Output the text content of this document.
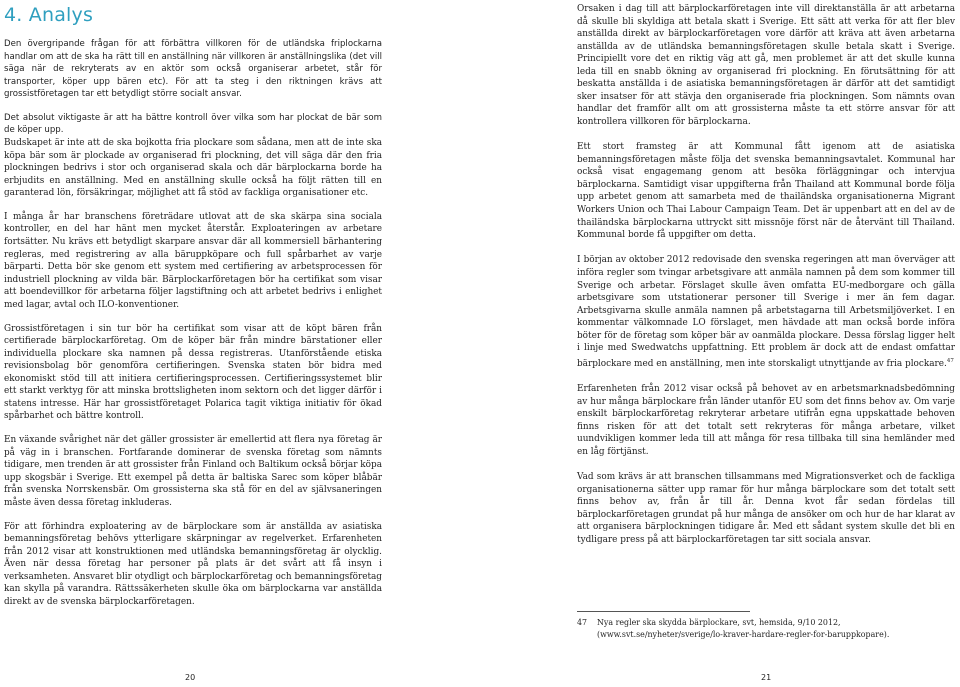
4. Analys

Den övergripande frågan för att förbättra villkoren för de utländska friplockarna handlar om att de ska ha rätt till en anställning när villkoren är anställningslika (det vill säga när de rekryterats av en aktör som också organiserar arbetet, står för transporter, köper upp bären etc). För att ta steg i den riktningen krävs att grossistföretagen tar ett betydligt större socialt ansvar.

Det absolut viktigaste är att ha bättre kontroll över vilka som har plockat de bär som de köper upp.

Budskapet är inte att de ska bojkotta fria plockare som sådana, men att de inte ska köpa bär som är plockade av organiserad fri plockning, det vill säga där den fria plockningen bedrivs i stor och organiserad skala och där bärplockarna borde ha erbjudits en anställning. Med en anställning skulle också ha följt rätten till en garanterad lön, försäkringar, möjlighet att få stöd av fackliga organisationer etc.

I många år har branschens företrädare utlovat att de ska skärpa sina sociala kontroller, en del har hänt men mycket återstår. Exploateringen av arbetare fortsätter. Nu krävs ett betydligt skarpare ansvar där all kommersiell bärhantering regleras, med registrering av alla bäruppköpare och full spårbarhet av varje bärparti. Detta bör ske genom ett system med certifiering av arbetsprocessen för industriell plockning av vilda bär. Bärplockarföretagen bör ha certifikat som visar att boendevillkor för arbetarna följer lagstiftning och att arbetet bedrivs i enlighet med lagar, avtal och ILO-konventioner.

Grossistföretagen i sin tur bör ha certifikat som visar att de köpt bären från certifierade bärplockarföretag. Om de köper bär från mindre bärstationer eller individuella plockare ska namnen på dessa registreras. Utanförstående etiska revisionsbolag bör genomföra certifieringen. Svenska staten bör bidra med ekonomiskt stöd till att initiera certifieringsprocessen. Certifieringssystemet blir ett starkt verktyg för att minska brottsligheten inom sektorn och det ligger därför i statens intresse. Här har grossistföretaget Polarica tagit viktiga initiativ för ökad spårbarhet och bättre kontroll.

En växande svårighet när det gäller grossister är emellertid att flera nya företag är på väg in i branschen. Fortfarande dominerar de svenska företag som nämnts tidigare, men trenden är att grossister från Finland och Baltikum också börjar köpa upp skogsbär i Sverige. Ett exempel på detta är baltiska Sarec som köper blåbär från svenska Norrskensbär. Om grossisterna ska stå för en del av självsaneringen måste även dessa företag inkluderas.

För att förhindra exploatering av de bärplockare som är anställda av asiatiska bemanningsföretag behövs ytterligare skärpningar av regelverket. Erfarenheten från 2012 visar att konstruktionen med utländska bemanningsföretag är olycklig. Även när dessa företag har personer på plats är det svårt att få insyn i verksamheten. Ansvaret blir otydligt och bärplockarföretag och bemanningsföretag kan skylla på varandra. Rättssäkerheten skulle öka om bärplockarna var anställda direkt av de svenska bärplockarföretagen.

20	21

Orsaken i dag till att bärplockarföretagen inte vill direktanställa är att arbetarna då skulle bli skyldiga att betala skatt i Sverige. Ett sätt att verka för att fler blev anställda direkt av bärplockarföretagen vore därför att kräva att även arbetarna anställda av de utländska bemanningsföretagen skulle betala skatt i Sverige. Principiellt vore det en riktig väg att gå, men problemet är att det skulle kunna leda till en snabb ökning av organiserad fri plockning. En förutsättning för att beskatta anställda i de asiatiska bemanningsföretagen är därför att det samtidigt sker insatser för att stävja den organiserade fria plockningen. Som nämnts ovan handlar det framför allt om att grossisterna måste ta ett större ansvar för att kontrollera villkoren för bärplockarna.

Ett stort framsteg är att Kommunal fått igenom att de asiatiska bemanningsföretagen måste följa det svenska bemanningsavtalet. Kommunal har också visat engagemang genom att besöka förläggningar och intervjua bärplockarna. Samtidigt visar uppgifterna från Thailand att Kommunal borde följa upp arbetet genom att samarbeta med de thailändska organisationerna Migrant Workers Union och Thai Labour Campaign Team. Det är uppenbart att en del av de thailändska bärplockarna uttryckt sitt missnöje först när de återvänt till Thailand. Kommunal borde få uppgifter om detta.

I början av oktober 2012 redovisade den svenska regeringen att man överväger att införa regler som tvingar arbetsgivare att anmäla namnen på dem som kommer till Sverige och arbetar. Förslaget skulle även omfatta EU-medborgare och gälla arbetsgivare som utstationerar personer till Sverige i mer än fem dagar. Arbetsgivarna skulle anmäla namnen på arbetstagarna till Arbetsmiljöverket. I en kommentar välkomnade LO förslaget, men hävdade att man också borde införa böter för de företag som köper bär av oanmälda plockare. Dessa förslag ligger helt i linje med Swedwatchs uppfattning. Ett problem är dock att de endast omfattar bärplockare med en anställning, men inte storskaligt utnyttjande av fria plockare.$^{47}$

Erfarenheten från 2012 visar också på behovet av en arbetsmarknadsbedömning av hur många bärplockare från länder utanför EU som det finns behov av. Om varje enskilt bärplockarföretag rekryterar arbetare utifrån egna uppskattade behoven finns risken för att det totalt sett rekryteras för många arbetare, vilket uundvikligen kommer leda till att många för resa tillbaka till sina hemländer med en låg förtjänst.

Vad som krävs är att branschen tillsammans med Migrationsverket och de fackliga organisationerna sätter upp ramar för hur många bärplockare som det totalt sett finns behov av, från år till år. Denna kvot får sedan fördelas till bärplockarföretagen grundat på hur många de ansöker om och hur de har klarat av att organisera bärplockningen tidigare år. Med ett sådant system skulle det bli en tydligare press på att bärplockarföretagen tar sitt sociala ansvar.

47	Nya regler ska skydda bärplockare, svt, hemsida, 9/10 2012, (www.svt.se/nyheter/sverige/lo-kraver-hardare-regler-for-baruppkopare).
